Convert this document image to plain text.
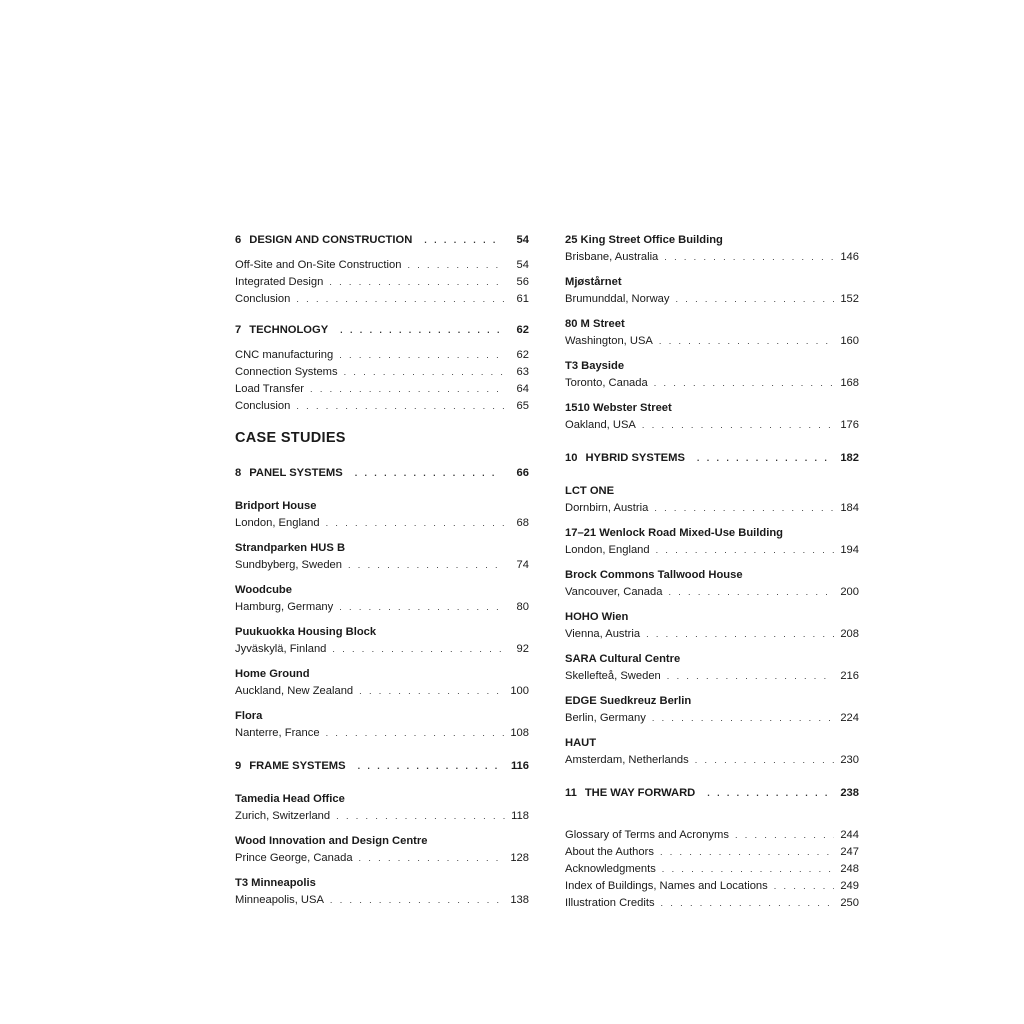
6 DESIGN AND CONSTRUCTION . . .	54
Off-Site and On-Site Construction . . .	54
Integrated Design . . .	56
Conclusion . . .	61
7 TECHNOLOGY . . .	62
CNC manufacturing . . .	62
Connection Systems . . .	63
Load Transfer . . .	64
Conclusion . . .	65
CASE STUDIES
8 PANEL SYSTEMS . . .	66
Bridport House
London, England . . .	68
Strandparken HUS B
Sundbyberg, Sweden . . .	74
Woodcube
Hamburg, Germany . . .	80
Puukuokka Housing Block
Jyväskylä, Finland . . .	92
Home Ground
Auckland, New Zealand . . .	100
Flora
Nanterre, France . . .	108
9 FRAME SYSTEMS . . .	116
Tamedia Head Office
Zurich, Switzerland . . .	118
Wood Innovation and Design Centre
Prince George, Canada . . .	128
T3 Minneapolis
Minneapolis, USA . . .	138
25 King Street Office Building
Brisbane, Australia . . .	146
Mjøstårnet
Brumunddal, Norway . . .	152
80 M Street
Washington, USA . . .	160
T3 Bayside
Toronto, Canada . . .	168
1510 Webster Street
Oakland, USA . . .	176
10 HYBRID SYSTEMS . . .	182
LCT ONE
Dornbirn, Austria . . .	184
17–21 Wenlock Road Mixed-Use Building
London, England . . .	194
Brock Commons Tallwood House
Vancouver, Canada . . .	200
HOHO Wien
Vienna, Austria . . .	208
SARA Cultural Centre
Skellefteå, Sweden . . .	216
EDGE Suedkreuz Berlin
Berlin, Germany . . .	224
HAUT
Amsterdam, Netherlands . . .	230
11 THE WAY FORWARD . . .	238
Glossary of Terms and Acronyms . . .	244
About the Authors . . .	247
Acknowledgments . . .	248
Index of Buildings, Names and Locations . . .	249
Illustration Credits . . .	250
